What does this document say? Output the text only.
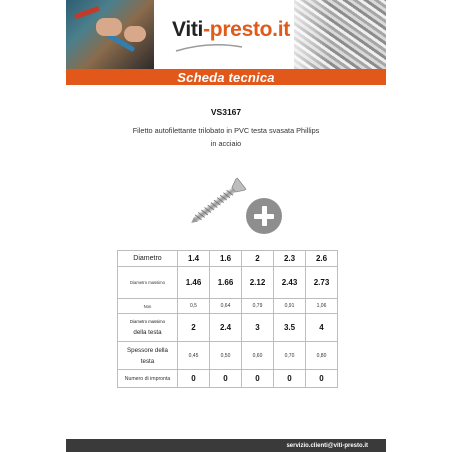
Viti-presto.it
Scheda tecnica
VS3167
Filetto autofilettante trilobato in PVC testa svasata Phillips
in acciaio
Diametro	1.4	1.6	2	2.3	2.6
Diametro massimo	1.46	1.66	2.12	2.43	2.73
Non	0,5	0,64	0,79	0,91	1,06

Diametro massimo
della testa	2	2.4	3	3.5	4

Spessore della
testa	0,45	0,50	0,60	0,70	0,80
Numero di impronta	0	0	0	0	0
servizio.clienti@viti-presto.it
